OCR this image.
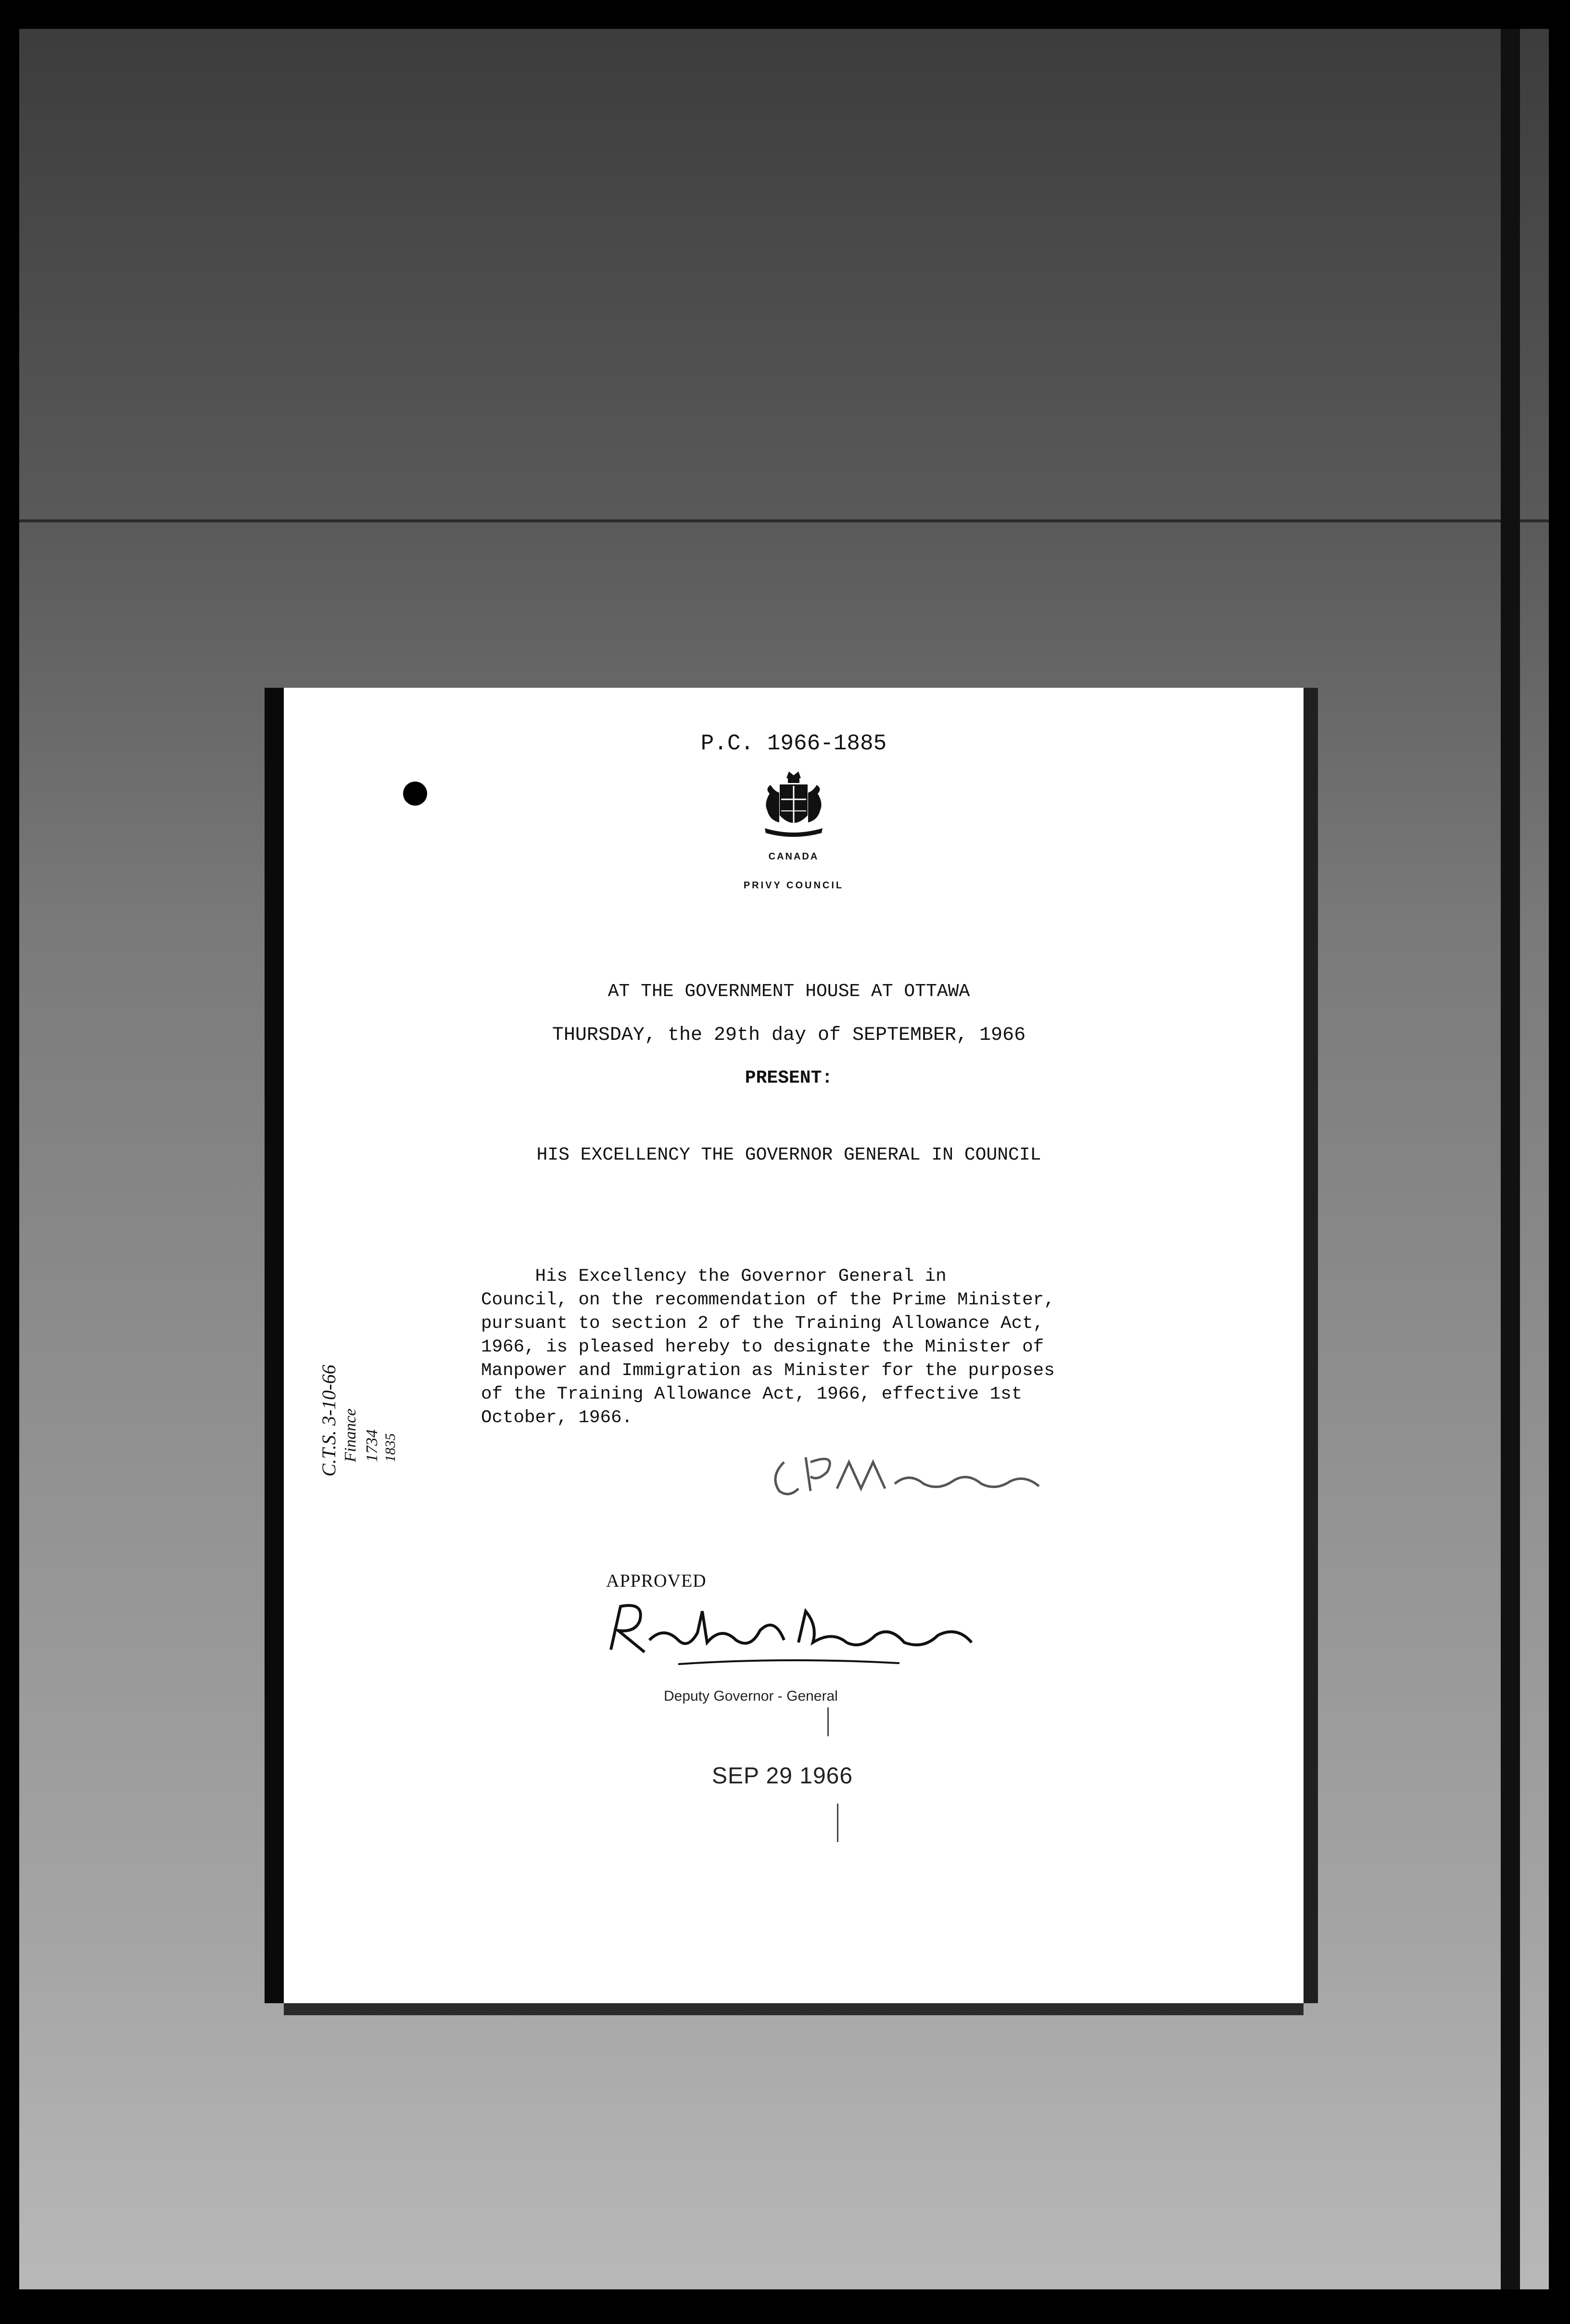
P.C. 1966-1885
CANADA
PRIVY COUNCIL
AT THE GOVERNMENT HOUSE AT OTTAWA
THURSDAY, the 29th day of SEPTEMBER, 1966
PRESENT:
HIS EXCELLENCY THE GOVERNOR GENERAL IN COUNCIL
His Excellency the Governor General in
Council, on the recommendation of the Prime Minister,
pursuant to section 2 of the Training Allowance Act,
1966, is pleased hereby to designate the Minister of
Manpower and Immigration as Minister for the purposes
of the Training Allowance Act, 1966, effective 1st
October, 1966.
APPROVED
Deputy Governor - General
SEP 29 1966
C.T.S. 3-10-66 Finance 1734 1835
